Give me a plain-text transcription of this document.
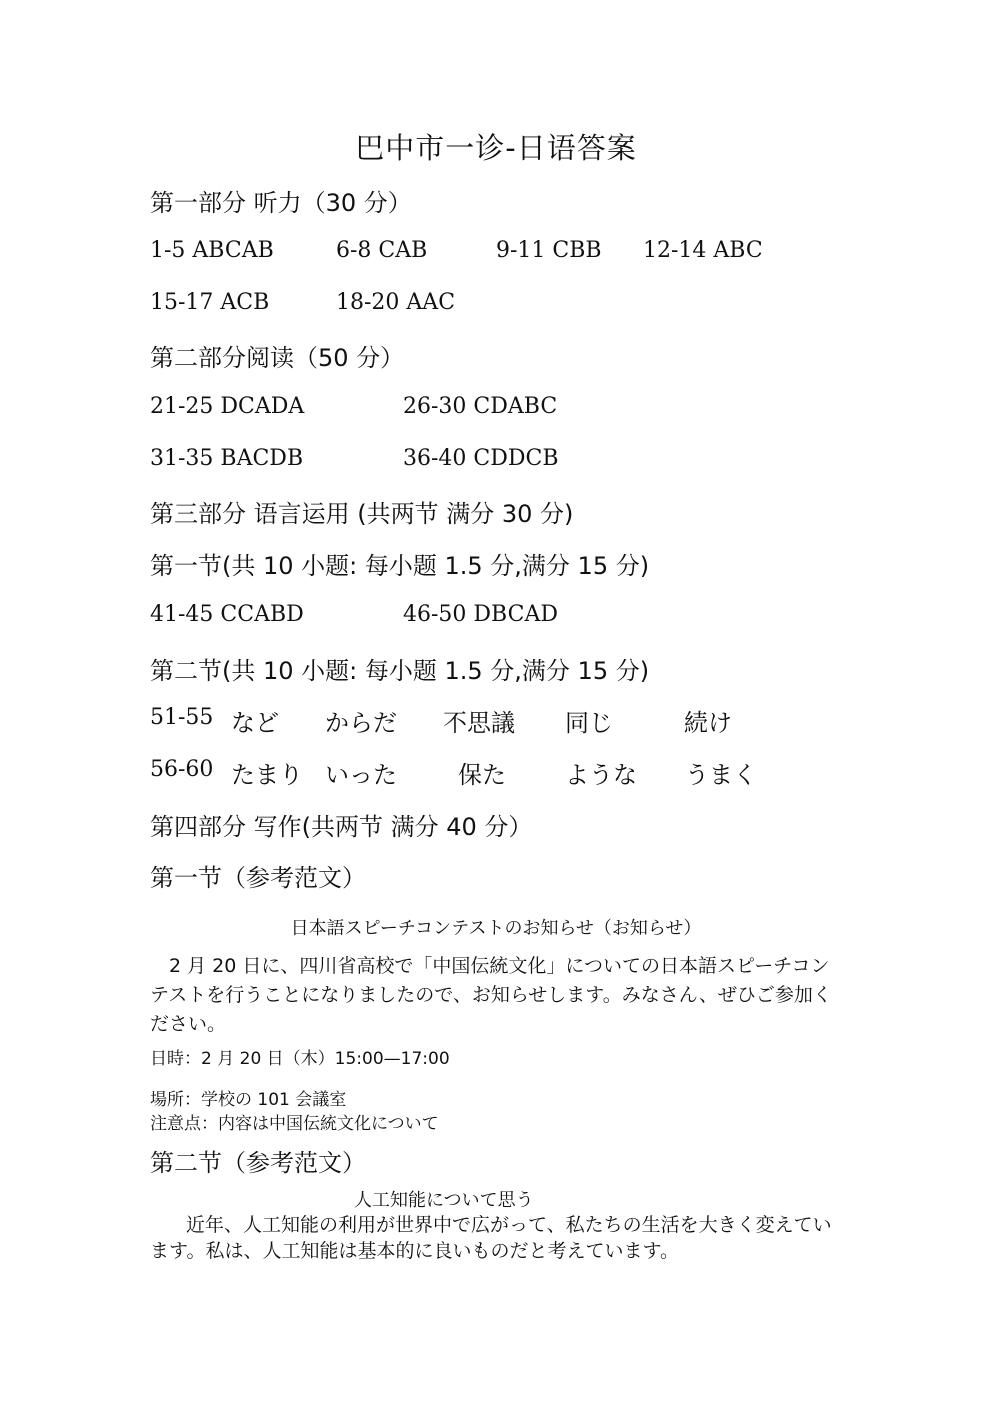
巴中市一诊-日语答案
第一部分 听力（30 分）
1-5 ABCAB	6-8 CAB	9-11 CBB 12-14 ABC
15-17 ACB	18-20 AAC
第二部分阅读（50 分）
21-25 DCADA	26-30 CDABC
31-35 BACDB	36-40 CDDCB
第三部分 语言运用 (共两节 满分 30 分)
第一节(共 10 小题: 每小题 1.5 分,满分 15 分)
41-45 CCABD	46-50 DBCAD
第二节(共 10 小题: 每小题 1.5 分,满分 15 分)
51-55 など からだ 不思議 同じ	続け
56-60 たまり いった	保た ような うまく
第四部分 写作(共两节 满分 40 分）
第一节（参考范文）
日本語スピーチコンテストのお知らせ（お知らせ）
2 月 20 日に、四川省高校で「中国伝統文化」についての日本語スピーチコンテストを行うことになりましたので、お知らせします。みなさん、ぜひご参加ください。
日時：2 月 20 日（木）15:00—17:00
場所：学校の 101 会議室
注意点：内容は中国伝統文化について
第二节（参考范文）
人工知能について思う
近年、人工知能の利用が世界中で広がって、私たちの生活を大きく変えています。私は、人工知能は基本的に良いものだと考えています。
